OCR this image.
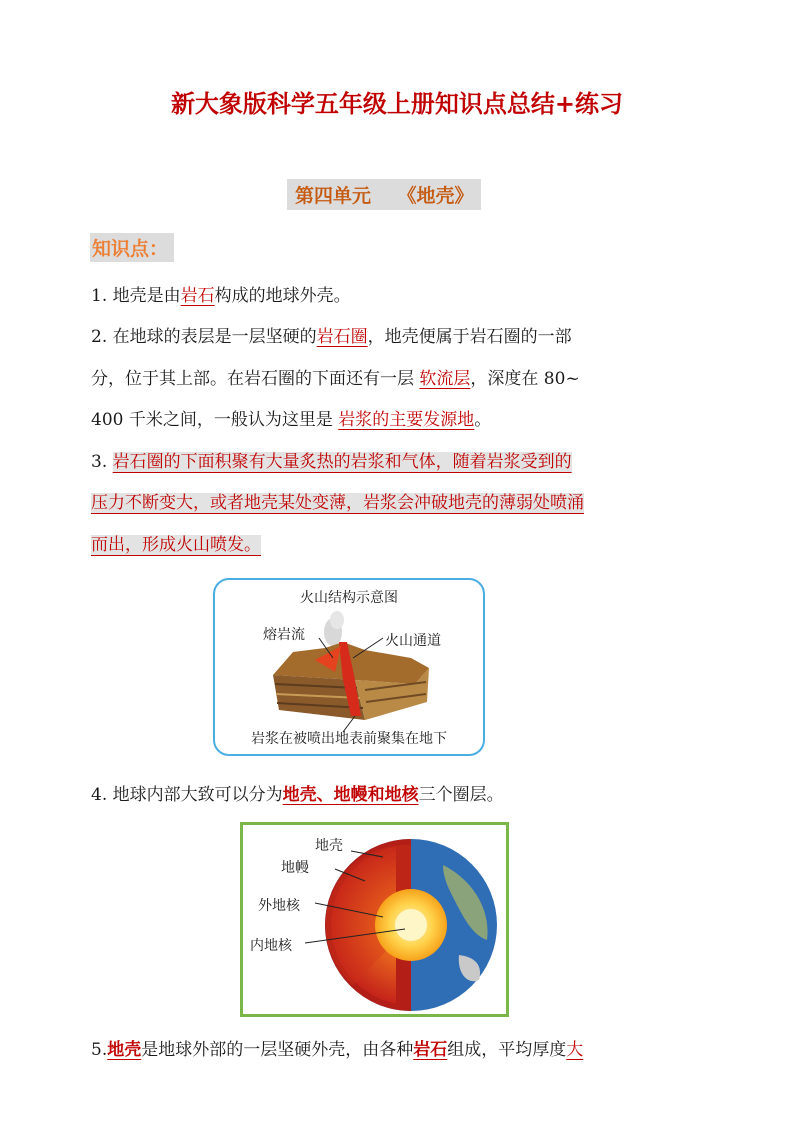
新大象版科学五年级上册知识点总结+练习
第四单元    《地壳》
知识点：
1. 地壳是由岩石构成的地球外壳。
2. 在地球的表层是一层坚硬的岩石圈，地壳便属于岩石圈的一部
分，位于其上部。在岩石圈的下面还有一层 软流层，深度在 80~
400 千米之间，一般认为这里是 岩浆的主要发源地。
3. 岩石圈的下面积聚有大量炙热的岩浆和气体，随着岩浆受到的
压力不断变大，或者地壳某处变薄，岩浆会冲破地壳的薄弱处喷涌
而出，形成火山喷发。
火山结构示意图
熔岩流	火山通道
岩浆在被喷出地表前聚集在地下
4. 地球内部大致可以分为地壳、地幔和地核三个圈层。
地壳
地幔
外地核
内地核
5.地壳是地球外部的一层坚硬外壳，由各种岩石组成，平均厚度大
